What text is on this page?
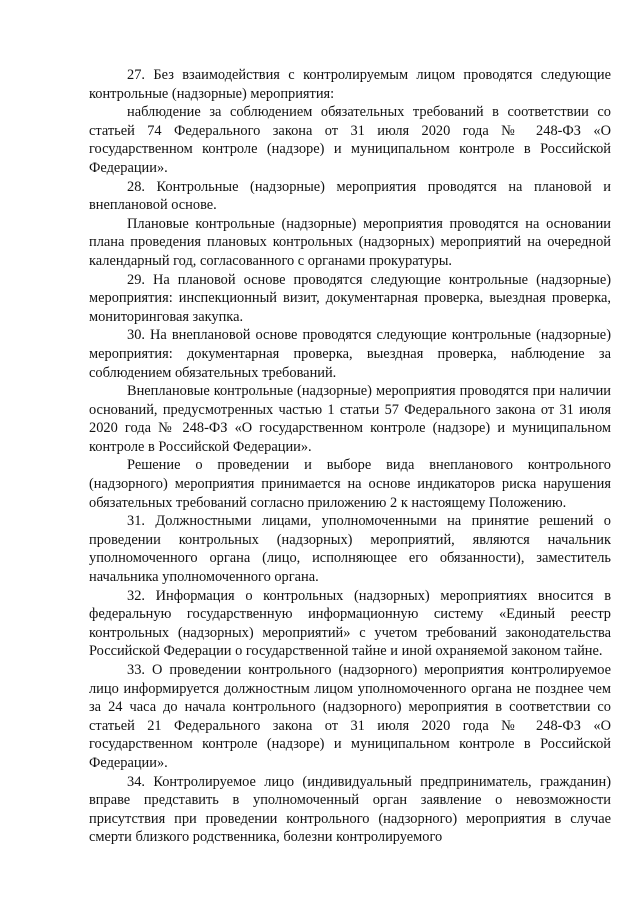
27. Без взаимодействия с контролируемым лицом проводятся следующие контрольные (надзорные) мероприятия:

наблюдение за соблюдением обязательных требований в соответствии со статьей 74 Федерального закона от 31 июля 2020 года № 248-ФЗ «О государственном контроле (надзоре) и муниципальном контроле в Российской Федерации».

28. Контрольные (надзорные) мероприятия проводятся на плановой и внеплановой основе.

Плановые контрольные (надзорные) мероприятия проводятся на основании плана проведения плановых контрольных (надзорных) мероприятий на очередной календарный год, согласованного с органами прокуратуры.

29. На плановой основе проводятся следующие контрольные (надзорные) мероприятия: инспекционный визит, документарная проверка, выездная проверка, мониторинговая закупка.

30. На внеплановой основе проводятся следующие контрольные (надзорные) мероприятия: документарная проверка, выездная проверка, наблюдение за соблюдением обязательных требований.

Внеплановые контрольные (надзорные) мероприятия проводятся при наличии оснований, предусмотренных частью 1 статьи 57 Федерального закона от 31 июля 2020 года № 248-ФЗ «О государственном контроле (надзоре) и муниципальном контроле в Российской Федерации».

Решение о проведении и выборе вида внепланового контрольного (надзорного) мероприятия принимается на основе индикаторов риска нарушения обязательных требований согласно приложению 2 к настоящему Положению.

31. Должностными лицами, уполномоченными на принятие решений о проведении контрольных (надзорных) мероприятий, являются начальник уполномоченного органа (лицо, исполняющее его обязанности), заместитель начальника уполномоченного органа.

32. Информация о контрольных (надзорных) мероприятиях вносится в федеральную государственную информационную систему «Единый реестр контрольных (надзорных) мероприятий» с учетом требований законодательства Российской Федерации о государственной тайне и иной охраняемой законом тайне.

33. О проведении контрольного (надзорного) мероприятия контролируемое лицо информируется должностным лицом уполномоченного органа не позднее чем за 24 часа до начала контрольного (надзорного) мероприятия в соответствии со статьей 21 Федерального закона от 31 июля 2020 года № 248-ФЗ «О государственном контроле (надзоре) и муниципальном контроле в Российской Федерации».

34. Контролируемое лицо (индивидуальный предприниматель, гражданин) вправе представить в уполномоченный орган заявление о невозможности присутствия при проведении контрольного (надзорного) мероприятия в случае смерти близкого родственника, болезни контролируемого
